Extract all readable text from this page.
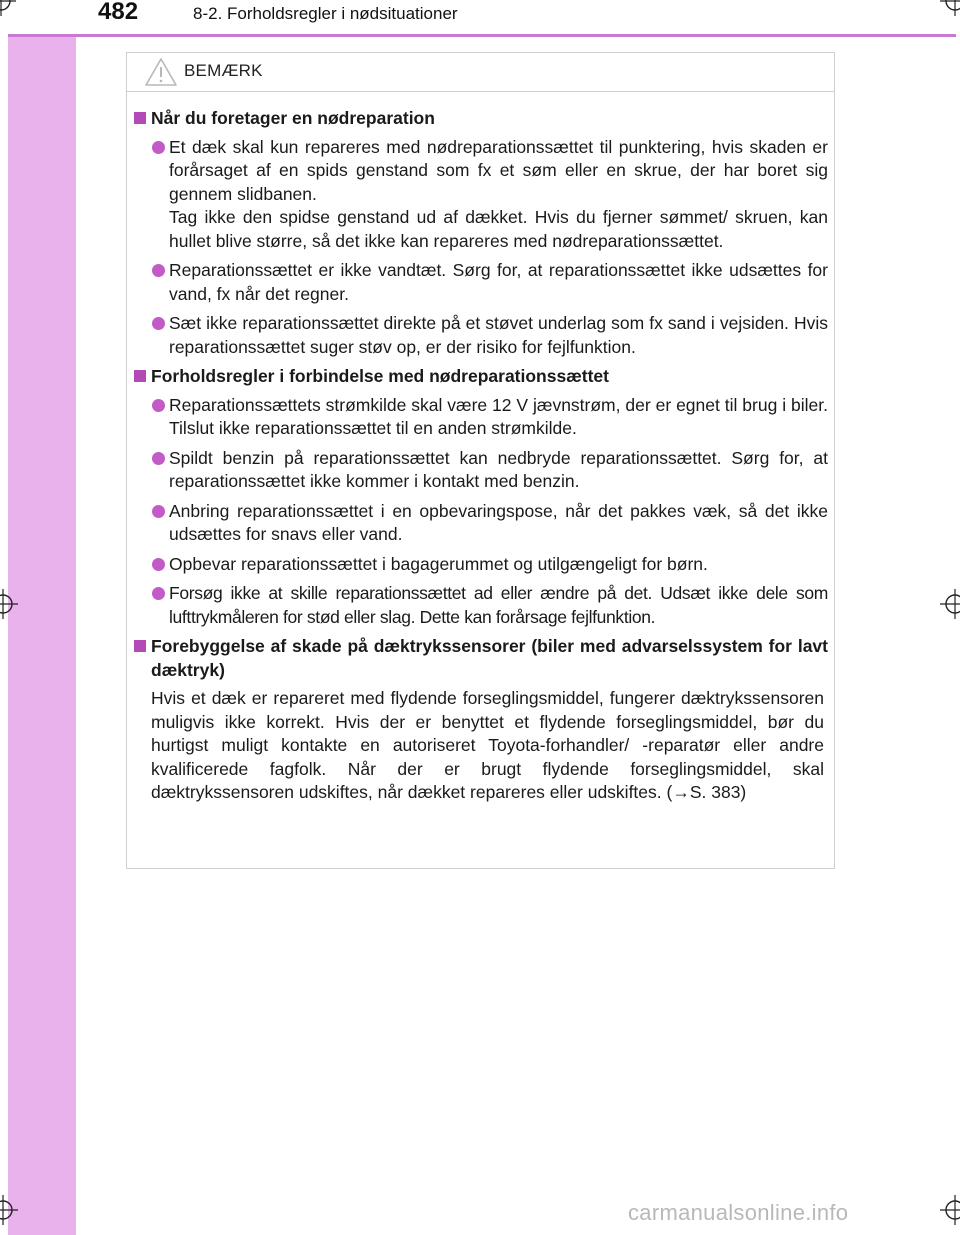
482	8-2. Forholdsregler i nødsituationer
BEMÆRK

Når du foretager en nødreparation

Et dæk skal kun repareres med nødreparationssættet til punktering, hvis skaden er forårsaget af en spids genstand som fx et søm eller en skrue, der har boret sig gennem slidbanen.

Tag ikke den spidse genstand ud af dækket. Hvis du fjerner sømmet/ skruen, kan hullet blive større, så det ikke kan repareres med nødreparationssættet.

Reparationssættet er ikke vandtæt. Sørg for, at reparationssættet ikke udsættes for vand, fx når det regner.

Sæt ikke reparationssættet direkte på et støvet underlag som fx sand i vejsiden. Hvis reparationssættet suger støv op, er der risiko for fejlfunktion.

Forholdsregler i forbindelse med nødreparationssættet

Reparationssættets strømkilde skal være 12 V jævnstrøm, der er egnet til brug i biler. Tilslut ikke reparationssættet til en anden strømkilde.

Spildt benzin på reparationssættet kan nedbryde reparationssættet. Sørg for, at reparationssættet ikke kommer i kontakt med benzin.

Anbring reparationssættet i en opbevaringspose, når det pakkes væk, så det ikke udsættes for snavs eller vand.

Opbevar reparationssættet i bagagerummet og utilgængeligt for børn.

Forsøg ikke at skille reparationssættet ad eller ændre på det. Udsæt ikke dele som lufttrykmåleren for stød eller slag. Dette kan forårsage fejlfunktion.

Forebyggelse af skade på dæktrykssensorer (biler med advarselssystem for lavt dæktryk)

Hvis et dæk er repareret med flydende forseglingsmiddel, fungerer dæktrykssensoren muligvis ikke korrekt. Hvis der er benyttet et flydende forseglingsmiddel, bør du hurtigst muligt kontakte en autoriseret Toyota-forhandler/ -reparatør eller andre kvalificerede fagfolk. Når der er brugt flydende forseglingsmiddel, skal dæktrykssensoren udskiftes, når dækket repareres eller udskiftes. (→S. 383)
carmanualsonline.info
